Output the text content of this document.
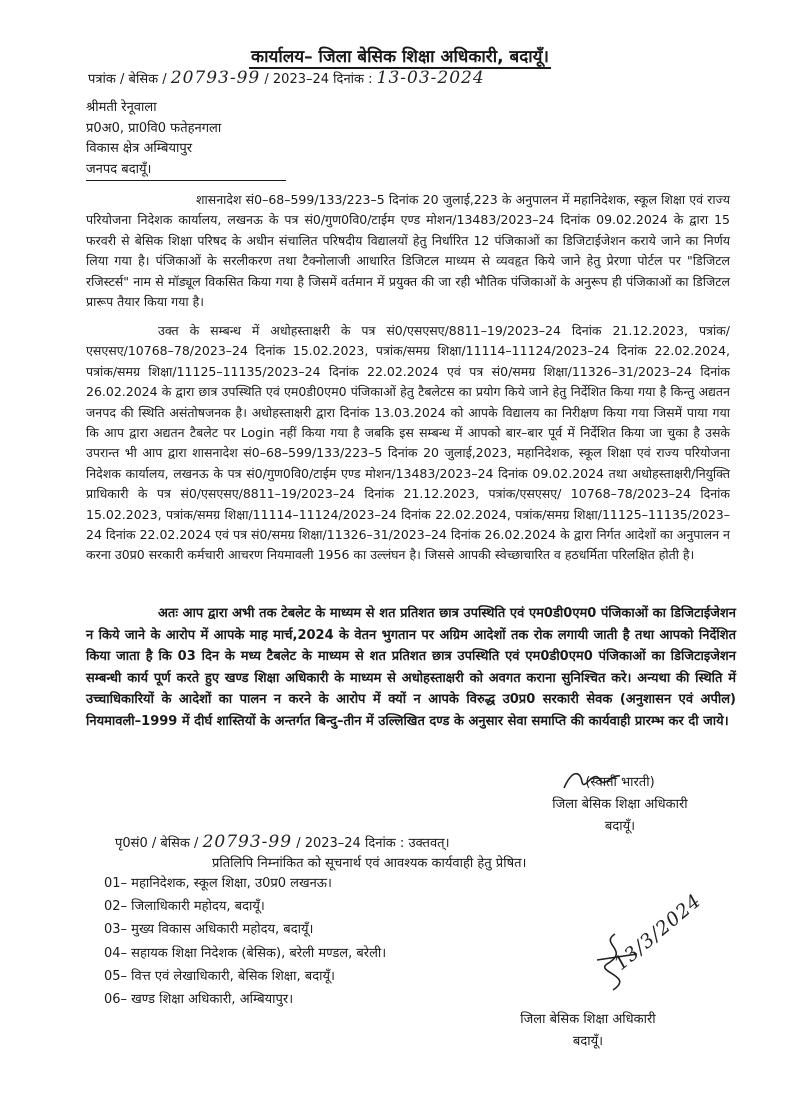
कार्यालय– जिला बेसिक शिक्षा अधिकारी, बदायूँ।
पत्रांक / बेसिक / 20793-99 / 2023–24 दिनांक : 13-03-2024
श्रीमती रेनूवाला
प्र0अ0, प्रा0वि0 फतेहनगला
विकास क्षेत्र अम्बियापुर
जनपद बदायूँ।
शासनादेश सं0–68–599/133/223–5 दिनांक 20 जुलाई,223 के अनुपालन में महानिदेशक, स्कूल शिक्षा एवं राज्य परियोजना निदेशक कार्यालय, लखनऊ के पत्र सं0/गुण0वि0/टाईम एण्ड मोशन/13483/2023–24 दिनांक 09.02.2024 के द्वारा 15 फरवरी से बेसिक शिक्षा परिषद के अधीन संचालित परिषदीय विद्यालयों हेतु निर्धारित 12 पंजिकाओं का डिजिटाईजेशन कराये जाने का निर्णय लिया गया है। पंजिकाओं के सरलीकरण तथा टैक्नोलाजी आधारित डिजिटल माध्यम से व्यवहृत किये जाने हेतु प्रेरणा पोर्टल पर "डिजिटल रजिस्टर्स" नाम से मॉड्यूल विकसित किया गया है जिसमें वर्तमान में प्रयुक्त की जा रही भौतिक पंजिकाओं के अनुरूप ही पंजिकाओं का डिजिटल प्रारूप तैयार किया गया है।
उक्त के सम्बन्ध में अधोहस्ताक्षरी के पत्र सं0/एसएसए/8811–19/2023–24 दिनांक 21.12.2023, पत्रांक/एसएसए/10768–78/2023–24 दिनांक 15.02.2023, पत्रांक/समग्र शिक्षा/11114–11124/2023–24 दिनांक 22.02.2024, पत्रांक/समग्र शिक्षा/11125–11135/2023–24 दिनांक 22.02.2024 एवं पत्र सं0/समग्र शिक्षा/11326–31/2023–24 दिनांक 26.02.2024 के द्वारा छात्र उपस्थिति एवं एम0डी0एम0 पंजिकाओं हेतु टैबलेटस का प्रयोग किये जाने हेतु निर्देशित किया गया है किन्तु अद्यतन जनपद की स्थिति असंतोषजनक है। अधोहस्ताक्षरी द्वारा दिनांक 13.03.2024 को आपके विद्यालय का निरीक्षण किया गया जिसमें पाया गया कि आप द्वारा अद्यतन टैबलेट पर Login नहीं किया गया है जबकि इस सम्बन्ध में आपको बार–बार पूर्व में निर्देशित किया जा चुका है उसके उपरान्त भी आप द्वारा शासनादेश सं0–68–599/133/223–5 दिनांक 20 जुलाई,2023, महानिदेशक, स्कूल शिक्षा एवं राज्य परियोजना निदेशक कार्यालय, लखनऊ के पत्र सं0/गुण0वि0/टाईम एण्ड मोशन/13483/2023–24 दिनांक 09.02.2024 तथा अधोहस्ताक्षरी/नियुक्ति प्राधिकारी के पत्र सं0/एसएसए/8811–19/2023–24 दिनांक 21.12.2023, पत्रांक/एसएसए/ 10768–78/2023–24 दिनांक 15.02.2023, पत्रांक/समग्र शिक्षा/11114–11124/2023–24 दिनांक 22.02.2024, पत्रांक/समग्र शिक्षा/11125–11135/2023–24 दिनांक 22.02.2024 एवं पत्र सं0/समग्र शिक्षा/11326–31/2023–24 दिनांक 26.02.2024 के द्वारा निर्गत आदेशों का अनुपालन न करना उ0प्र0 सरकारी कर्मचारी आचरण नियमावली 1956 का उल्लंघन है। जिससे आपकी स्वेच्छाचारित व हठधर्मिता परिलक्षित होती है।
अतः आप द्वारा अभी तक टेबलेट के माध्यम से शत प्रतिशत छात्र उपस्थिति एवं एम0डी0एम0 पंजिकाओं का डिजिटाईजेशन न किये जाने के आरोप में आपके माह मार्च,2024 के वेतन भुगतान पर अग्रिम आदेशों तक रोक लगायी जाती है तथा आपको निर्देशित किया जाता है कि 03 दिन के मध्य टैबलेट के माध्यम से शत प्रतिशत छात्र उपस्थिति एवं एम0डी0एम0 पंजिकाओं का डिजिटाइजेशन सम्बन्धी कार्य पूर्ण करते हुए खण्ड शिक्षा अधिकारी के माध्यम से अधोहस्ताक्षरी को अवगत कराना सुनिश्चित करे। अन्यथा की स्थिति में उच्चाधिकारियों के आदेशों का पालन न करने के आरोप में क्यों न आपके विरुद्ध उ0प्र0 सरकारी सेवक (अनुशासन एवं अपील) नियमावली–1999 में दीर्घ शास्तियों के अन्तर्गत बिन्दु–तीन में उल्लिखित दण्ड के अनुसार सेवा समाप्ति की कार्यवाही प्रारम्भ कर दी जाये।
(स्वाती भारती)
जिला बेसिक शिक्षा अधिकारी
बदायूँ।
पृ0सं0 / बेसिक / 20793-99 / 2023–24 दिनांक : उक्तवत्।
प्रतिलिपि निम्नांकित को सूचनार्थ एवं आवश्यक कार्यवाही हेतु प्रेषित।
01– महानिदेशक, स्कूल शिक्षा, उ0प्र0 लखनऊ।
02– जिलाधिकारी महोदय, बदायूँ।
03– मुख्य विकास अधिकारी महोदय, बदायूँ।
04– सहायक शिक्षा निदेशक (बेसिक), बरेली मण्डल, बरेली।
05– वित्त एवं लेखाधिकारी, बेसिक शिक्षा, बदायूँ।
06– खण्ड शिक्षा अधिकारी, अम्बियापुर।
13/3/2024
जिला बेसिक शिक्षा अधिकारी
बदायूँ।
